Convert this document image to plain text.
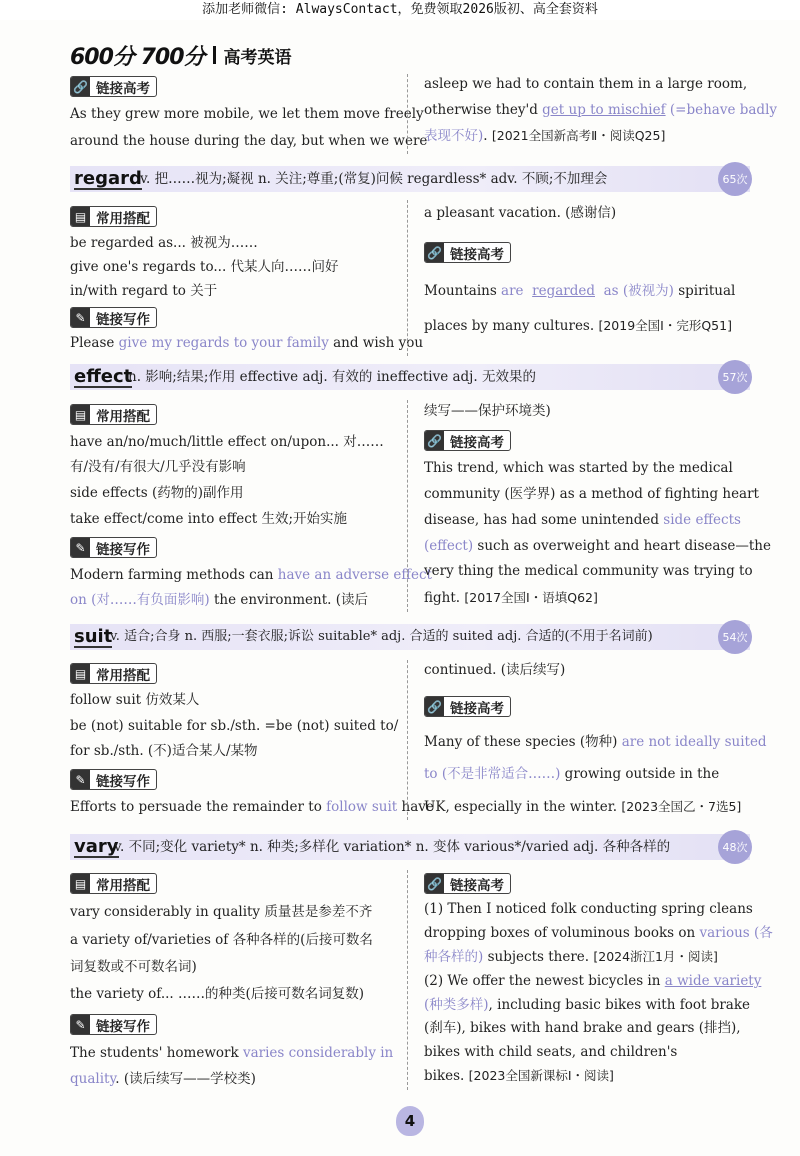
添加老师微信: AlwaysContact，免费领取2026版初、高全套资料
600分 700分 高考英语
🔗 链接高考
As they grew more mobile, we let them move freely
around the house during the day, but when we were
asleep we had to contain them in a large room,
otherwise they'd get up to mischief (=behave badly
表现不好). [2021全国新高考Ⅱ・阅读Q25]
regard
v. 把……视为;凝视 n. 关注;尊重;(常复)问候 regardless* adv. 不顾;不加理会	65次
▤ 常用搭配
be regarded as... 被视为……
give one's regards to... 代某人向……问好
in/with regard to 关于
✎ 链接写作
Please give my regards to your family and wish you
a pleasant vacation. (感谢信)
🔗 链接高考
Mountains are regarded as (被视为) spiritual
places by many cultures. [2019全国Ⅰ・完形Q51]
effect
n. 影响;结果;作用 effective adj. 有效的 ineffective adj. 无效果的	57次
▤ 常用搭配
have an/no/much/little effect on/upon... 对……
有/没有/有很大/几乎没有影响
side effects (药物的)副作用
take effect/come into effect 生效;开始实施
✎ 链接写作
Modern farming methods can have an adverse effect
on (对……有负面影响) the environment. (读后
续写——保护环境类)
🔗 链接高考
This trend, which was started by the medical
community (医学界) as a method of fighting heart
disease, has had some unintended side effects
(effect) such as overweight and heart disease—the
very thing the medical community was trying to
fight. [2017全国Ⅰ・语填Q62]
suit
v. 适合;合身 n. 西服;一套衣服;诉讼 suitable* adj. 合适的 suited adj. 合适的(不用于名词前)	54次
▤ 常用搭配
follow suit 仿效某人
be (not) suitable for sb./sth. =be (not) suited to/
for sb./sth. (不)适合某人/某物
✎ 链接写作
Efforts to persuade the remainder to follow suit have
continued. (读后续写)
🔗 链接高考
Many of these species (物种) are not ideally suited
to (不是非常适合……) growing outside in the
UK, especially in the winter. [2023全国乙・7选5]
vary
v. 不同;变化 variety* n. 种类;多样化 variation* n. 变体 various*/varied adj. 各种各样的	48次
▤ 常用搭配
vary considerably in quality 质量甚是参差不齐
a variety of/varieties of 各种各样的(后接可数名
词复数或不可数名词)
the variety of... ……的种类(后接可数名词复数)
✎ 链接写作
The students' homework varies considerably in
quality. (读后续写——学校类)
🔗 链接高考
(1) Then I noticed folk conducting spring cleans
dropping boxes of voluminous books on various (各
种各样的) subjects there. [2024浙江1月・阅读]
(2) We offer the newest bicycles in a wide variety
(种类多样), including basic bikes with foot brake
(刹车), bikes with hand brake and gears (排挡),
bikes with child seats, and children's
bikes. [2023全国新课标Ⅰ・阅读]
4
